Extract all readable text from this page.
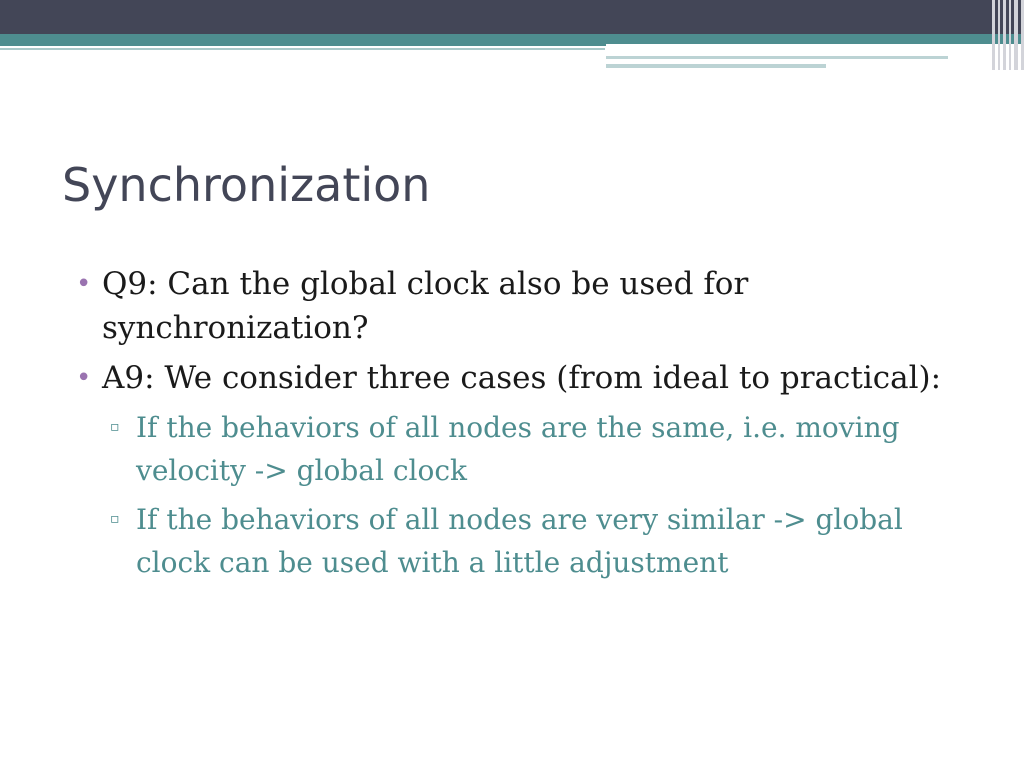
Synchronization
• Q9: Can the global clock also be used for synchronization?
• A9: We consider three cases (from ideal to practical):
▫ If the behaviors of all nodes are the same, i.e. moving velocity -> global clock
▫ If the behaviors of all nodes are very similar -> global clock can be used with a little adjustment
